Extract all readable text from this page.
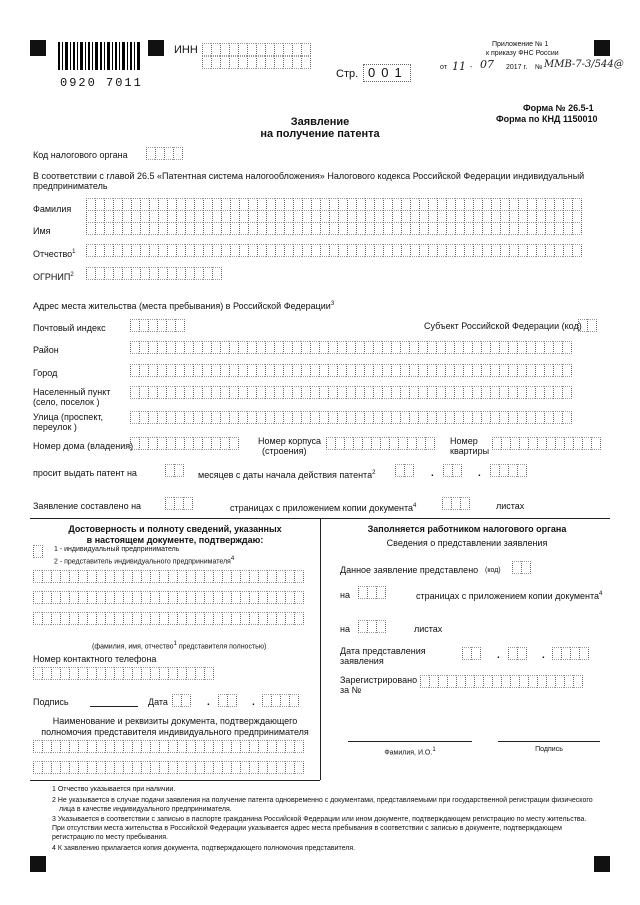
0920 7011
ИНН
Стр. 001
Приложение № 1
к приказу ФНС России
от 11 - 07 2017 г. № ММВ-7-3/544@
Форма № 26.5-1
Форма по КНД 1150010
Заявление
на получение патента
Код налогового органа
В соответствии с главой 26.5 «Патентная система налогообложения» Налогового кодекса Российской Федерации индивидуальный предприниматель
Фамилия
Имя
Отчество$^1$
ОГРНИП$^2$
Адрес места жительства (места пребывания) в Российской Федерации$^3$
Почтовый индекс	Субъект Российской Федерации (код)
Район
Город
Населенный пункт
(село, поселок )
Улица (проспект,
переулок )
Номер дома (владения)	Номер корпуса
(строения)
Номер
квартиры
просит выдать патент на	месяцев с даты начала действия патента$^2$	.	.
Заявление составлено на	страницах с приложением копии документа$^4$	листах
Достоверность и полноту сведений, указанных
в настоящем документе, подтверждаю:
1 - индивидуальный предприниматель
2 - представитель индивидуального предпринимателя$^4$
(фамилия, имя, отчество$^1$ представителя полностью)
Номер контактного телефона
Подпись	Дата	.	.
Наименование и реквизиты документа, подтверждающего
полномочия представителя индивидуального предпринимателя
Заполняется работником налогового органа
Сведения о представлении заявления
Данное заявление представлено (код)
на	страницах с приложением копии документа$^4$
на	листах
Дата представления
заявления	.	.
Зарегистрировано
за №
Фамилия, И.О.$^1$	Подпись
1 Отчество указывается при наличии.
2 Не указывается в случае подачи заявления на получение патента одновременно с документами, представляемыми при государственной регистрации физического
лица в качестве индивидуального предпринимателя.
3 Указывается в соответствии с записью в паспорте гражданина Российской Федерации или ином документе, подтверждающем регистрацию по месту жительства.
При отсутствии места жительства в Российской Федерации указывается адрес места пребывания в соответствии с записью в документе, подтверждающем
регистрацию по месту пребывания.
4 К заявлению прилагается копия документа, подтверждающего полномочия представителя.
